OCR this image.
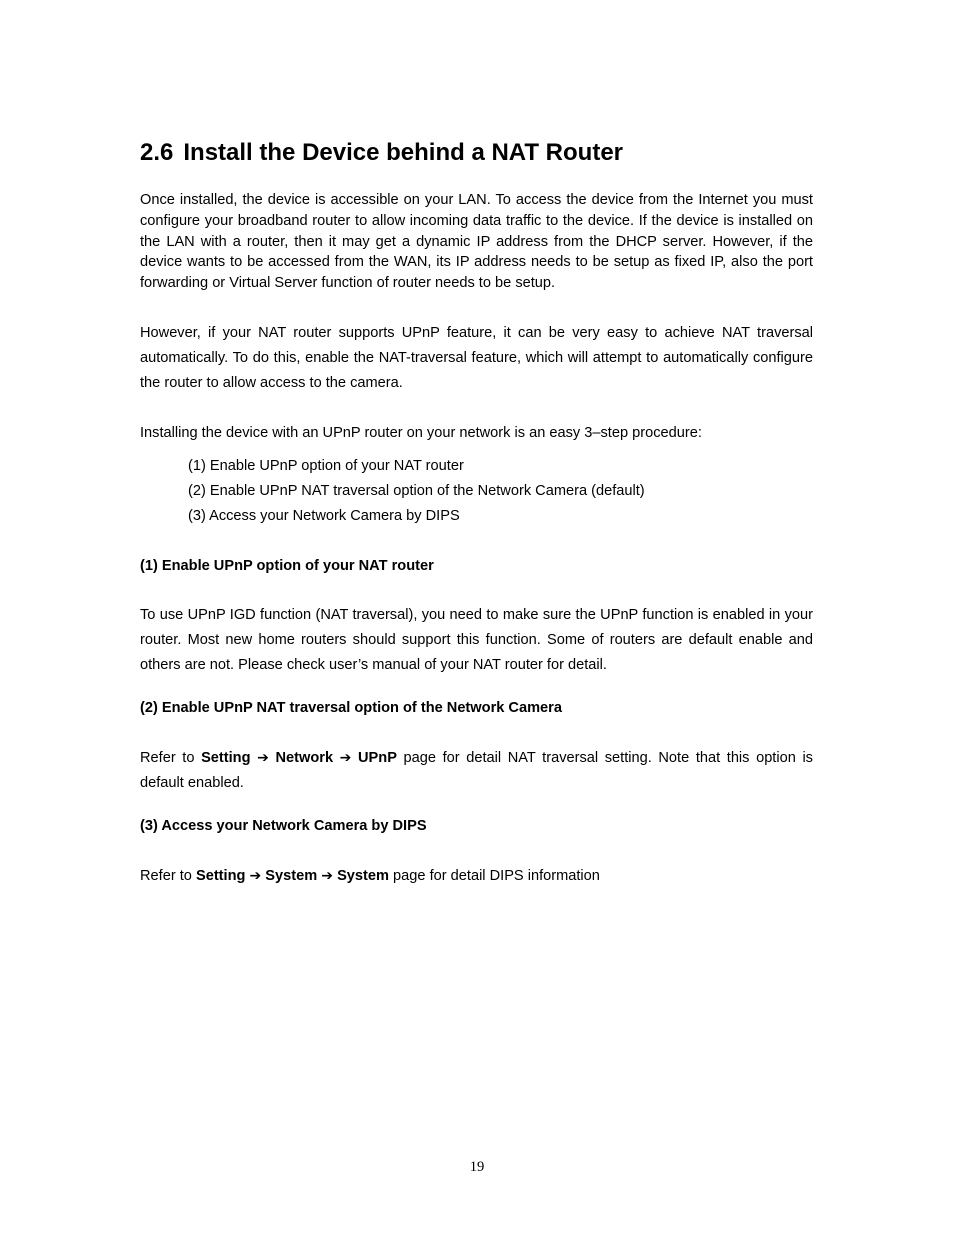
2.6 Install the Device behind a NAT Router

Once installed, the device is accessible on your LAN. To access the device from the Internet you must configure your broadband router to allow incoming data traffic to the device. If the device is installed on the LAN with a router, then it may get a dynamic IP address from the DHCP server. However, if the device wants to be accessed from the WAN, its IP address needs to be setup as fixed IP, also the port forwarding or Virtual Server function of router needs to be setup.

However, if your NAT router supports UPnP feature, it can be very easy to achieve NAT traversal automatically. To do this, enable the NAT-traversal feature, which will attempt to automatically configure the router to allow access to the camera.

Installing the device with an UPnP router on your network is an easy 3–step procedure:

(1) Enable UPnP option of your NAT router
(2) Enable UPnP NAT traversal option of the Network Camera (default)
(3) Access your Network Camera by DIPS
(1) Enable UPnP option of your NAT router

To use UPnP IGD function (NAT traversal), you need to make sure the UPnP function is enabled in your router. Most new home routers should support this function. Some of routers are default enable and others are not. Please check user’s manual of your NAT router for detail.

(2) Enable UPnP NAT traversal option of the Network Camera

Refer to Setting ➔ Network ➔ UPnP page for detail NAT traversal setting. Note that this option is default enabled.

(3) Access your Network Camera by DIPS

Refer to Setting ➔ System ➔ System page for detail DIPS information

19
